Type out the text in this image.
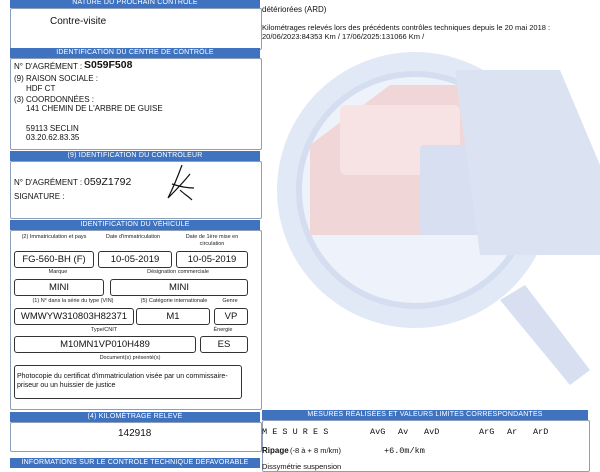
NATURE DU PROCHAIN CONTRÔLE
Contre-visite
IDENTIFICATION DU CENTRE DE CONTRÔLE
N° D'AGRÉMENT : S059F508
(9) RAISON SOCIALE :
HDF CT
(3) COORDONNÉES :
141 CHEMIN DE L'ARBRE DE GUISE
59113 SECLIN
03.20.62.83.35
(9) IDENTIFICATION DU CONTRÔLEUR
N° D'AGRÉMENT : 059Z1792
SIGNATURE :
IDENTIFICATION DU VÉHICULE
(2) Immatriculation et pays	Date d'immatriculation	Date de 1ère mise en circulation
FG-560-BH (F)	10-05-2019	10-05-2019
Marque	Désignation commerciale
MINI	MINI
(1) N° dans la série du type (VIN)	(5) Catégorie internationale	Genre
WMWYW310803H82371	M1	VP
Type/CNIT	Énergie
M10MN1VP010H489	ES
Document(s) présenté(s)
Photocopie du certificat d'immatriculation visée par un commissaire-priseur ou un huissier de justice
(4) KILOMÉTRAGE RELEVÉ
142918
INFORMATIONS SUR LE CONTRÔLE TECHNIQUE DÉFAVORABLE
détériorées (ARD)
Kilométrages relevés lors des précédents contrôles techniques depuis le 20 mai 2018 :
20/06/2023:84353 Km / 17/06/2025:131066 Km /
MESURES RÉALISÉES ET VALEURS LIMITES CORRESPONDANTES
M E S U R E S	AvG Av AvD	ArG Ar ArD
Ripage (-8 à + 8 m/km)	+6.0m/km
Dissymétrie suspension
